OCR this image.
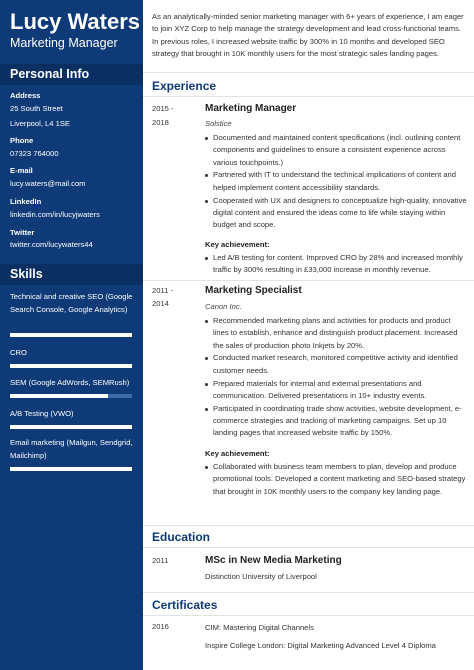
Lucy Waters
Marketing Manager
Personal Info
Address
25 South Street
Liverpool, L4 1SE
Phone
07323 764000
E-mail
lucy.waters@mail.com
LinkedIn
linkedin.com/in/lucyjwaters
Twitter
twitter.com/lucywaters44
Skills
Technical and creative SEO (Google Search Console, Google Analytics)
CRO
SEM (Google AdWords, SEMRush)
A/B Testing (VWO)
Email marketing (Mailgun, Sendgrid, Mailchimp)
As an analytically-minded senior marketing manager with 6+ years of experience, I am eager to join XYZ Corp to help manage the strategy development and lead cross-functional teams. In previous roles, I increased website traffic by 300% in 10 months and developed SEO strategy that brought in 10K monthly users for the most strategic sales landing pages.
Experience
2015 -
2018
Marketing Manager
Solstice
Documented and maintained content specifications (incl. outlining content components and guidelines to ensure a consistent experience across various touchpoints.)
Partnered with IT to understand the technical implications of content and helped implement content accessibility standards.
Cooperated with UX and designers to conceptualize high-quality, innovative digital content and ensured the ideas come to life while staying within budget and scope.
Key achievement:
Led A/B testing for content. Improved CRO by 28% and increased monthly traffic by 300% resulting in £33,000 increase in monthly revenue.
2011 -
2014
Marketing Specialist
Canon Inc.
Recommended marketing plans and activities for products and product lines to establish, enhance and distinguish product placement. Increased the sales of production photo Inkjets by 20%.
Conducted market research, monitored competitive activity and identified customer needs.
Prepared materials for internal and external presentations and communication. Delivered presentations in 10+ industry events.
Participated in coordinating trade show activities, website development, e-commerce strategies and tracking of marketing campaigns. Set up 10 landing pages that increased website traffic by 150%.
Key achievement:
Collaborated with business team members to plan, develop and produce promotional tools. Developed a content marketing and SEO-based strategy that brought in 10K monthly users to the company key landing page.
Education
2011	MSc in New Media Marketing
Distinction University of Liverpool
Certificates
2016	CIM: Mastering Digital Channels
Inspire College London: Digital Marketing Advanced Level 4 Diploma
